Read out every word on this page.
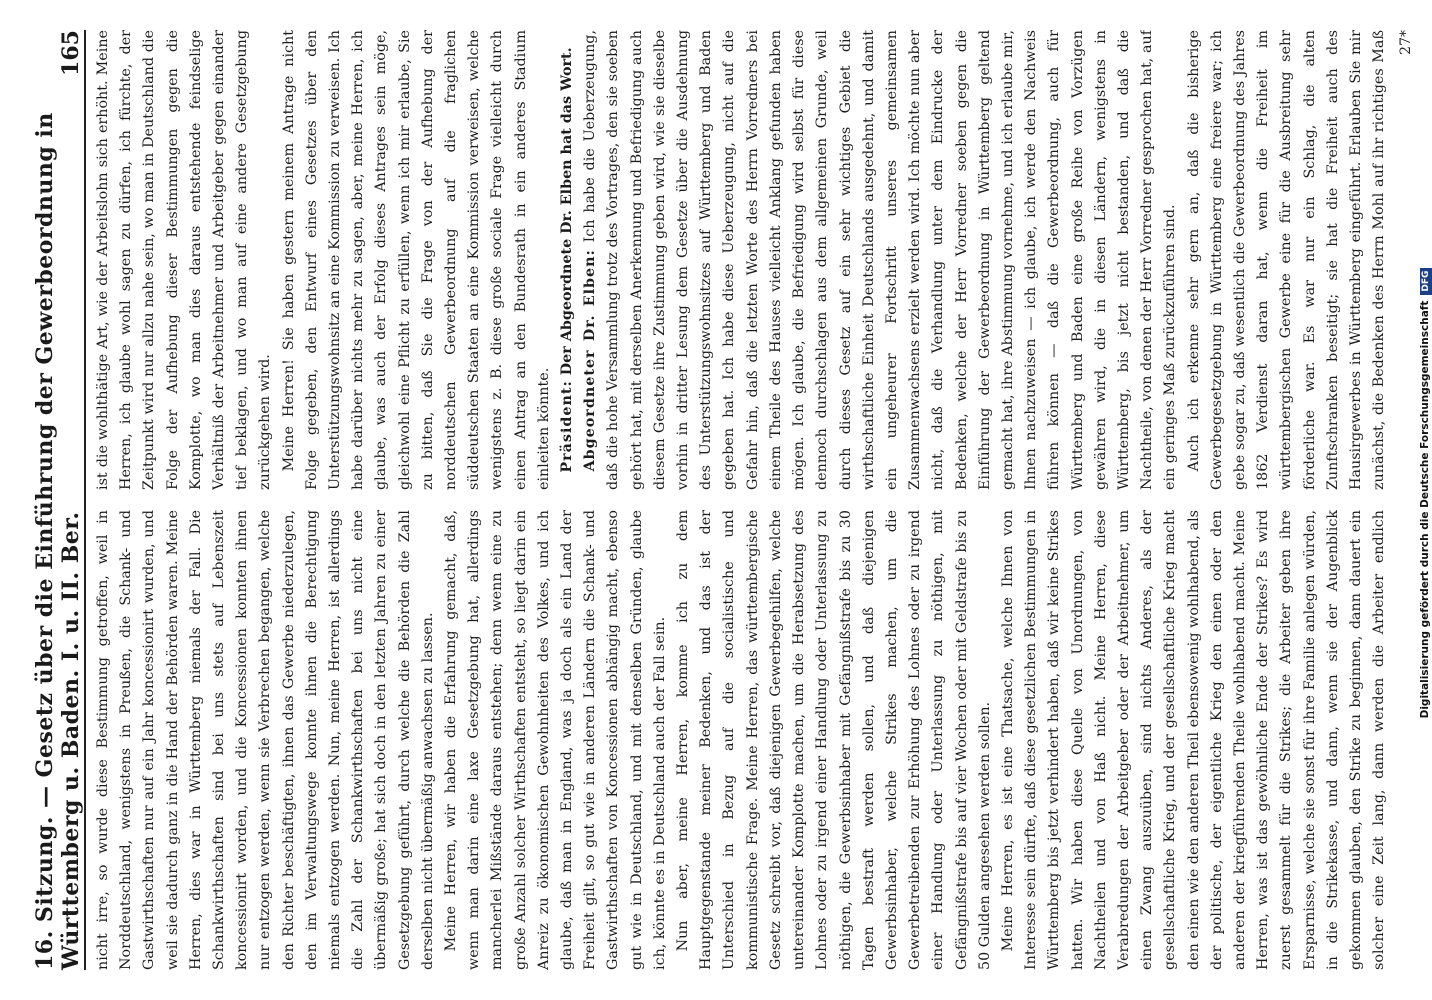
16. Sitzung. — Gesetz über die Einführung der Gewerbeordnung in Württemberg u. Baden. I. u. II. Ber.
165

nicht irre, so wurde diese Bestimmung getroffen, weil in Norddeutschland, wenigstens in Preußen, die Schank- und Gastwirthschaften nur auf ein Jahr koncessionirt wurden, und weil sie dadurch ganz in die Hand der Behörden waren. Meine Herren, dies war in Württemberg niemals der Fall. Die Schankwirthschaften sind bei uns stets auf Lebenszeit koncessionirt worden, und die Koncessionen konnten ihnen nur entzogen werden, wenn sie Verbrechen begangen, welche den Richter beschäftigten, ihnen das Gewerbe niederzulegen, den im Verwaltungswege konnte ihnen die Berechtigung niemals entzogen werden. Nun, meine Herren, ist allerdings die Zahl der Schankwirthschaften bei uns nicht eine übermäßig große; hat sich doch in den letzten Jahren zu einer Gesetzgebung geführt, durch welche die Behörden die Zahl derselben nicht übermäßig anwachsen zu lassen. Meine Herren, wir haben die Erfahrung gemacht, daß, wenn man darin eine laxe Gesetzgebung hat, allerdings mancherlei Mißstände daraus entstehen; denn wenn eine zu große Anzahl solcher Wirthschaften entsteht, so liegt darin ein Anreiz zu ökonomischen Gewohnheiten des Volkes, und ich glaube, daß man in England, was ja doch als ein Land der Freiheit gilt, so gut wie in anderen Ländern die Schank- und Gastwirthschaften von Koncessionen abhängig macht, ebenso gut wie in Deutschland, und mit denselben Gründen, glaube ich, könnte es in Deutschland auch der Fall sein. Nun aber, meine Herren, komme ich zu dem Hauptgegenstande meiner Bedenken, und das ist der Unterschied in Bezug auf die socialistische und kommunistische Frage. Meine Herren, das württembergische Gesetz schreibt vor, daß diejenigen Gewerbegehilfen, welche untereinander Komplotte machen, um die Herabsetzung des Lohnes oder zu irgend einer Handlung oder Unterlassung zu nöthigen, die Gewerbsinhaber mit Gefängnißstrafe bis zu 30 Tagen bestraft werden sollen, und daß diejenigen Gewerbsinhaber, welche Strikes machen, um die Gewerbetreibenden zur Erhöhung des Lohnes oder zu irgend einer Handlung oder Unterlassung zu nöthigen, mit Gefängnißstrafe bis auf vier Wochen oder mit Geldstrafe bis zu 50 Gulden angesehen werden sollen. Meine Herren, es ist eine Thatsache, welche Ihnen von Interesse sein dürfte, daß diese gesetzlichen Bestimmungen in Württemberg bis jetzt verhindert haben, daß wir keine Strikes hatten. Wir haben diese Quelle von Unordnungen, von Nachtheilen und von Haß nicht. Meine Herren, diese Verabredungen der Arbeitgeber oder der Arbeitnehmer, um einen Zwang auszuüben, sind nichts Anderes, als der gesellschaftliche Krieg, und der gesellschaftliche Krieg macht den einen wie den anderen Theil ebensowenig wohlhabend, als der politische, der eigentliche Krieg den einen oder den anderen der kriegführenden Theile wohlhabend macht. Meine Herren, was ist das gewöhnliche Ende der Strikes? Es wird zuerst gesammelt für die Strikes; die Arbeiter geben ihre Ersparnisse, welche sie sonst für ihre Familie anlegen würden, in die Strikekasse, und dann, wenn sie der Augenblick gekommen glauben, den Strike zu beginnen, dann dauert ein solcher eine Zeit lang, dann werden die Arbeiter endlich

ist die wohlthätige Art, wie der Arbeitslohn sich erhöht. Meine Herren, ich glaube wohl sagen zu dürfen, ich fürchte, der Zeitpunkt wird nur allzu nahe sein, wo man in Deutschland die Folge der Aufhebung dieser Bestimmungen gegen die Komplotte, wo man dies daraus entstehende feindselige Verhältniß der Arbeitnehmer und Arbeitgeber gegen einander tief beklagen, und wo man auf eine andere Gesetzgebung zurückgehen wird. Meine Herren! Sie haben gestern meinem Antrage nicht Folge gegeben, den Entwurf eines Gesetzes über den Unterstützungswohnsitz an eine Kommission zu verweisen. Ich habe darüber nichts mehr zu sagen, aber, meine Herren, ich glaube, was auch der Erfolg dieses Antrages sein möge, gleichwohl eine Pflicht zu erfüllen, wenn ich mir erlaube, Sie zu bitten, daß Sie die Frage von der Aufhebung der norddeutschen Gewerbeordnung auf die fraglichen süddeutschen Staaten an eine Kommission verweisen, welche wenigstens z. B. diese große sociale Frage vielleicht durch einen Antrag an den Bundesrath in ein anderes Stadium einleiten könnte. Präsident: Der Abgeordnete Dr. Elben hat das Wort. Abgeordneter Dr. Elben: Ich habe die Ueberzeugung, daß die hohe Versammlung trotz des Vortrages, den sie soeben gehört hat, mit derselben Anerkennung und Befriedigung auch diesem Gesetze ihre Zustimmung geben wird, wie sie dieselbe vorhin in dritter Lesung dem Gesetze über die Ausdehnung des Unterstützungswohnsitzes auf Württemberg und Baden gegeben hat. Ich habe diese Ueberzeugung, nicht auf die Gefahr hin, daß die letzten Worte des Herrn Vorredners bei einem Theile des Hauses vielleicht Anklang gefunden haben mögen. Ich glaube, die Befriedigung wird selbst für diese dennoch durchschlagen aus dem allgemeinen Grunde, weil durch dieses Gesetz auf ein sehr wichtiges Gebiet die wirthschaftliche Einheit Deutschlands ausgedehnt, und damit ein ungeheurer Fortschritt unseres gemeinsamen Zusammenwachsens erzielt werden wird. Ich möchte nun aber nicht, daß die Verhandlung unter dem Eindrucke der Bedenken, welche der Herr Vorredner soeben gegen die Einführung der Gewerbeordnung in Württemberg geltend gemacht hat, ihre Abstimmung vornehme, und ich erlaube mir, Ihnen nachzuweisen — ich glaube, ich werde den Nachweis führen können — daß die Gewerbeordnung, auch für Württemberg und Baden eine große Reihe von Vorzügen gewähren wird, die in diesen Ländern, wenigstens in Württemberg, bis jetzt nicht bestanden, und daß die Nachtheile, von denen der Herr Vorredner gesprochen hat, auf ein geringes Maß zurückzuführen sind. Auch ich erkenne sehr gern an, daß die bisherige Gewerbegesetzgebung in Württemberg eine freiere war; ich gebe sogar zu, daß wesentlich die Gewerbeordnung des Jahres 1862 Verdienst daran hat, wenn die Freiheit im württembergischen Gewerbe eine für die Ausbreitung sehr förderliche war. Es war nur ein Schlag, die alten Zunftschranken beseitigt; sie hat die Freiheit auch des Hausirgewerbes in Württemberg eingeführt. Erlauben Sie mir zunächst, die Bedenken des Herrn Mohl auf ihr richtiges Maß 27*
Digitalisierung gefördert durch die Deutsche ForschungsgemeinschaftDFG
